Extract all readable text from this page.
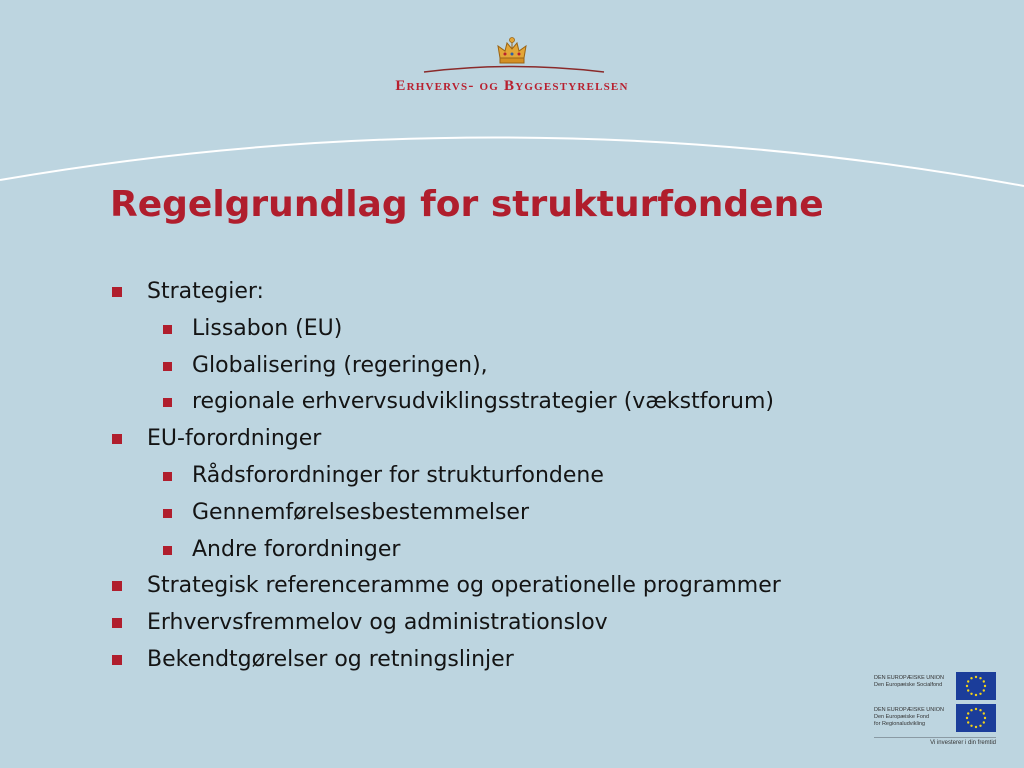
Erhvervs- og Byggestyrelsen
Regelgrundlag for strukturfondene
Strategier:
Lissabon (EU)
Globalisering (regeringen),
regionale erhvervsudviklingsstrategier (vækstforum)
EU-forordninger
Rådsforordninger for strukturfondene
Gennemførelsesbestemmelser
Andre forordninger
Strategisk referenceramme og operationelle programmer
Erhvervsfremmelov og administrationslov
Bekendtgørelser og retningslinjer
DEN EUROPÆISKE UNION
Den Europæiske Socialfond
DEN EUROPÆISKE UNION
Den Europæiske Fond
for Regionaludvikling
Vi investerer i din fremtid
